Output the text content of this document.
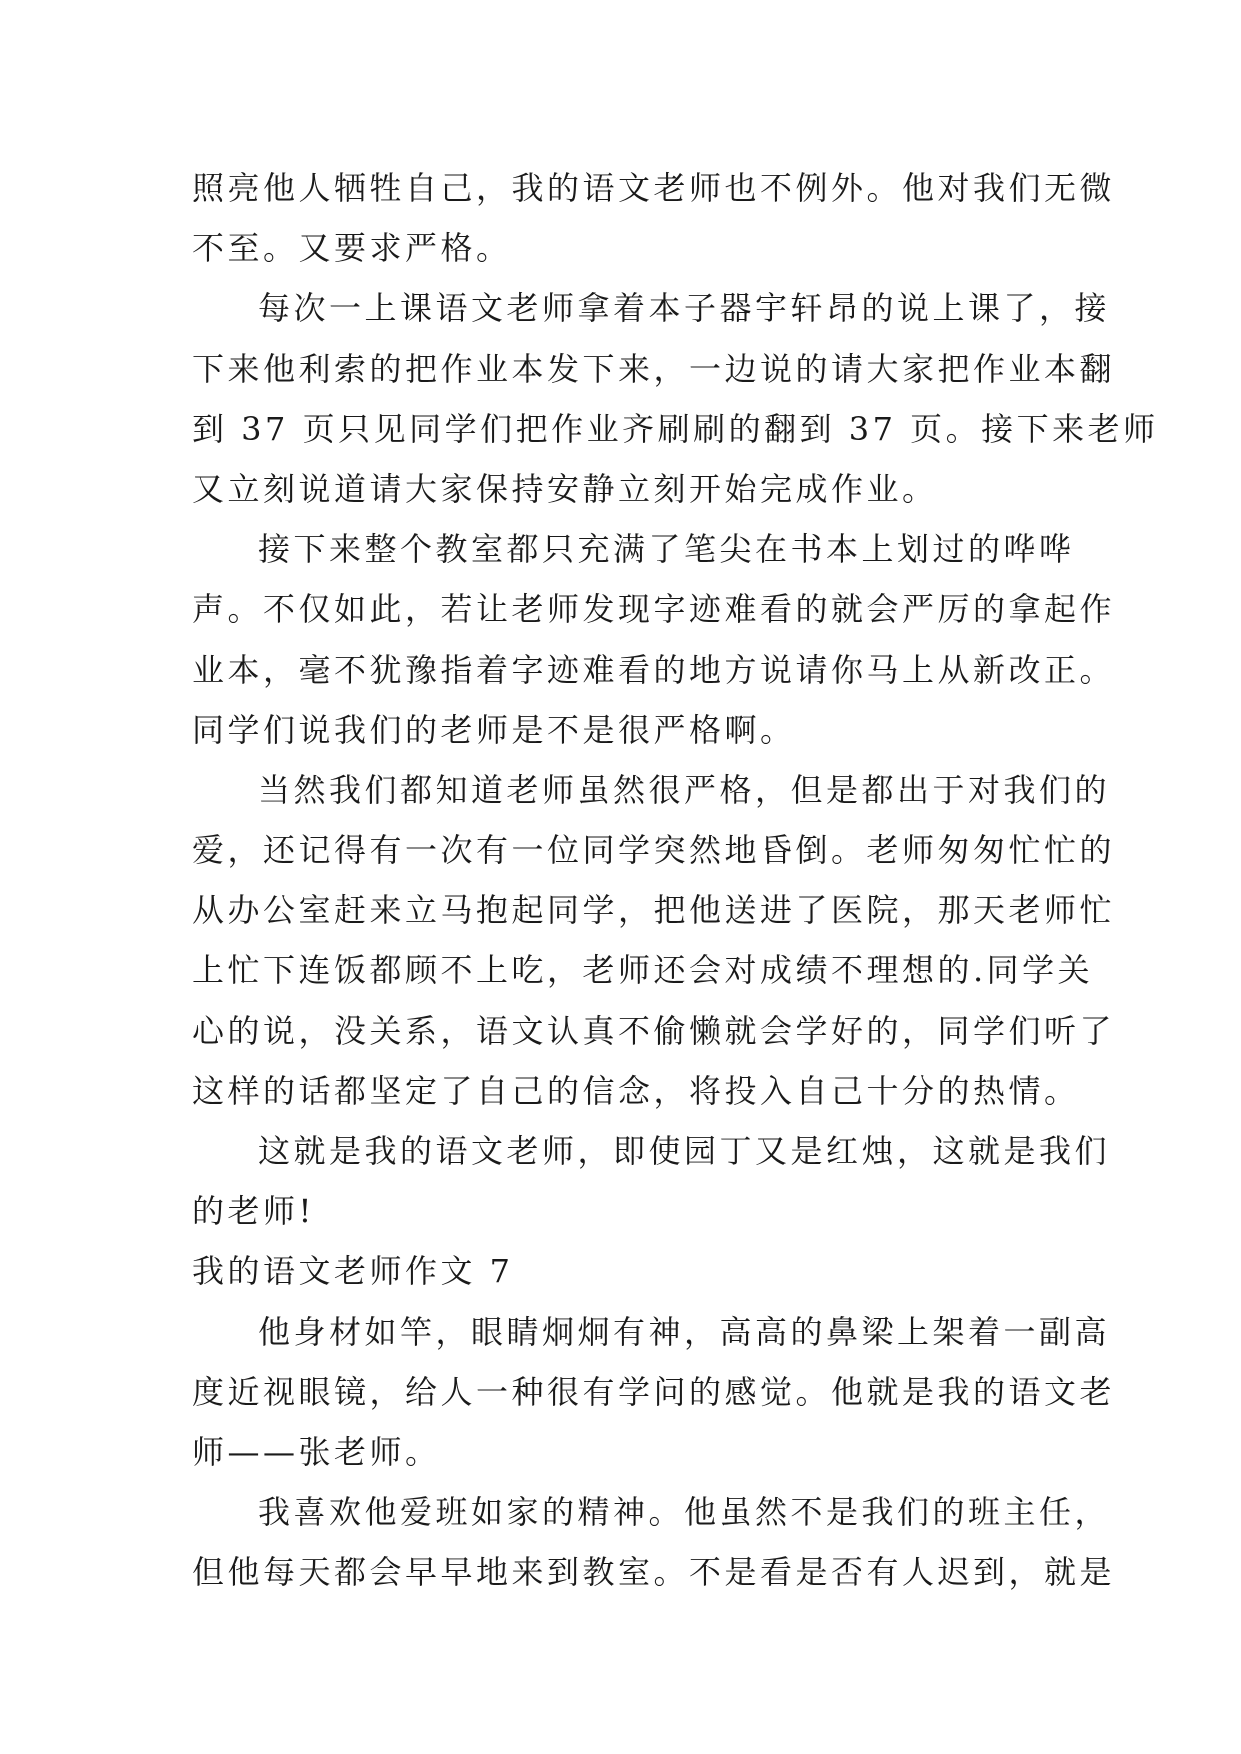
照亮他人牺牲自己，我的语文老师也不例外。他对我们无微
不至。又要求严格。
每次一上课语文老师拿着本子器宇轩昂的说上课了，接
下来他利索的把作业本发下来，一边说的请大家把作业本翻
到 37 页只见同学们把作业齐刷刷的翻到 37 页。接下来老师
又立刻说道请大家保持安静立刻开始完成作业。
接下来整个教室都只充满了笔尖在书本上划过的哗哗
声。不仅如此，若让老师发现字迹难看的就会严厉的拿起作
业本，毫不犹豫指着字迹难看的地方说请你马上从新改正。
同学们说我们的老师是不是很严格啊。
当然我们都知道老师虽然很严格，但是都出于对我们的
爱，还记得有一次有一位同学突然地昏倒。老师匆匆忙忙的
从办公室赶来立马抱起同学，把他送进了医院，那天老师忙
上忙下连饭都顾不上吃，老师还会对成绩不理想的.同学关
心的说，没关系，语文认真不偷懒就会学好的，同学们听了
这样的话都坚定了自己的信念，将投入自己十分的热情。
这就是我的语文老师，即使园丁又是红烛，这就是我们
的老师!
我的语文老师作文 7
他身材如竿，眼睛炯炯有神，高高的鼻梁上架着一副高
度近视眼镜，给人一种很有学问的感觉。他就是我的语文老
师——张老师。
我喜欢他爱班如家的精神。他虽然不是我们的班主任，
但他每天都会早早地来到教室。不是看是否有人迟到，就是
